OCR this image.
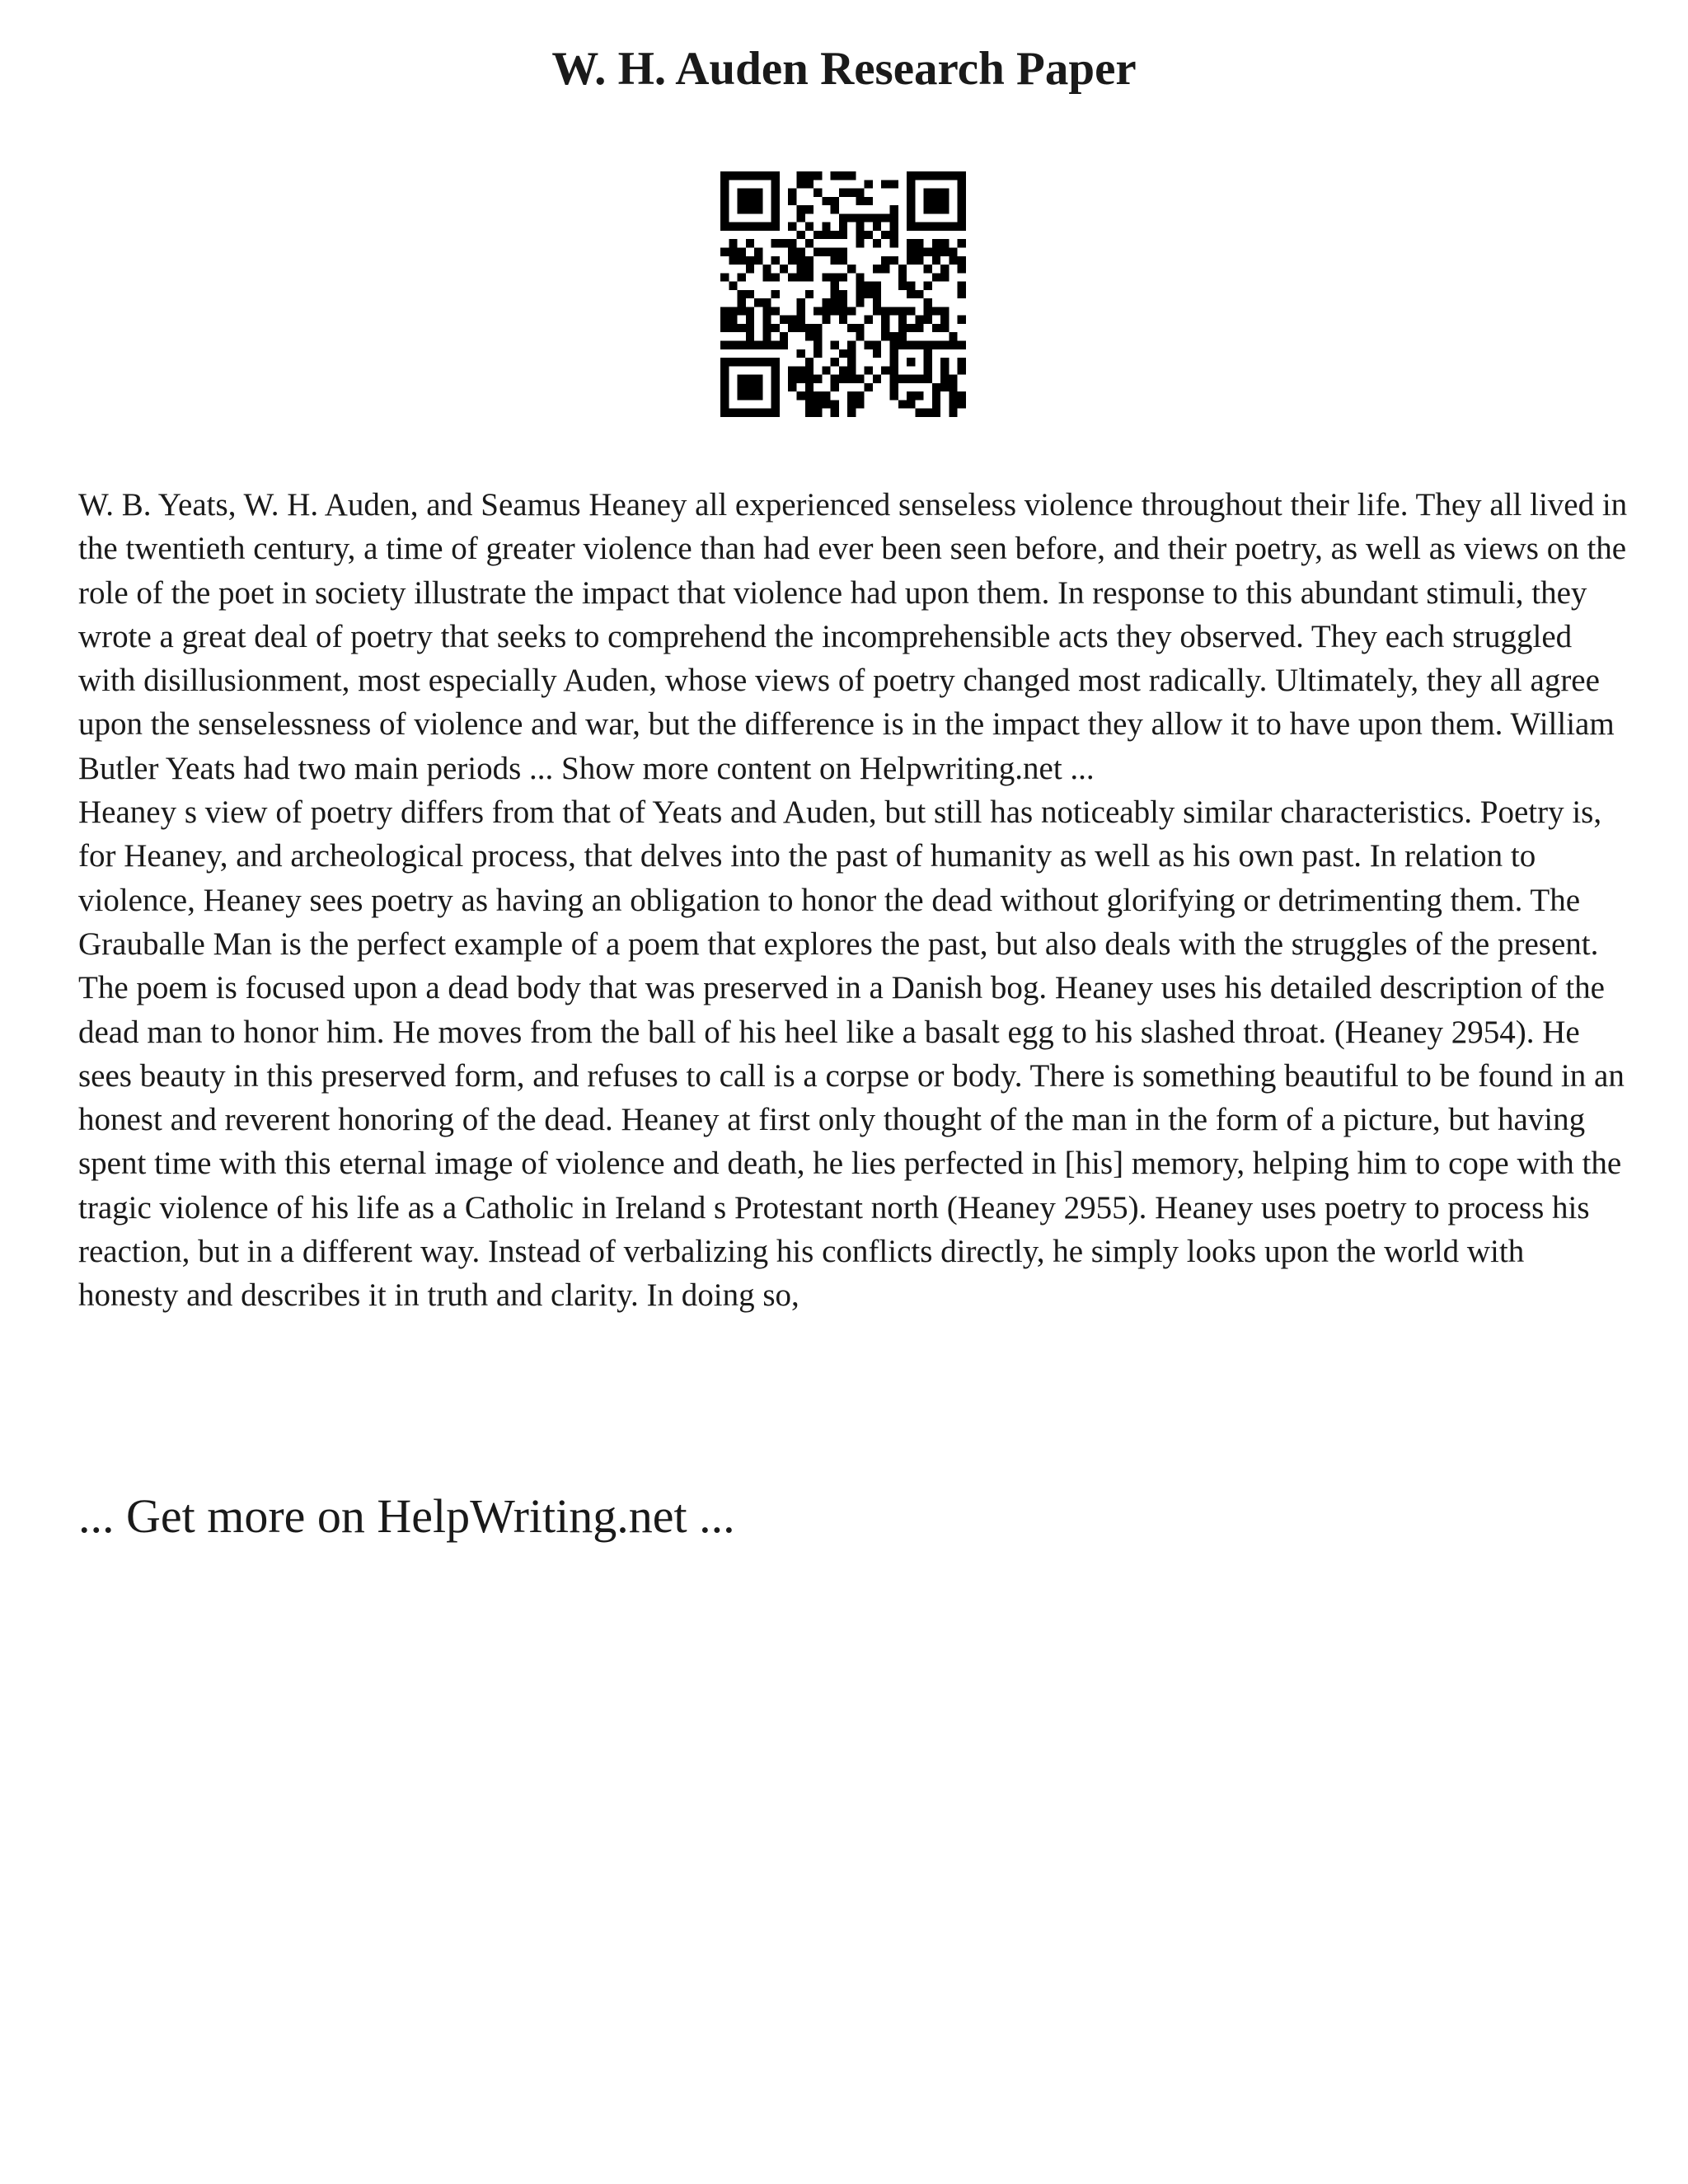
W. H. Auden Research Paper

W. B. Yeats, W. H. Auden, and Seamus Heaney all experienced senseless violence throughout their life. They all lived in the twentieth century, a time of greater violence than had ever been seen before, and their poetry, as well as views on the role of the poet in society illustrate the impact that violence had upon them. In response to this abundant stimuli, they wrote a great deal of poetry that seeks to comprehend the incomprehensible acts they observed. They each struggled with disillusionment, most especially Auden, whose views of poetry changed most radically. Ultimately, they all agree upon the senselessness of violence and war, but the difference is in the impact they allow it to have upon them. William Butler Yeats had two main periods ... Show more content on Helpwriting.net ...

Heaney s view of poetry differs from that of Yeats and Auden, but still has noticeably similar characteristics. Poetry is, for Heaney, and archeological process, that delves into the past of humanity as well as his own past. In relation to violence, Heaney sees poetry as having an obligation to honor the dead without glorifying or detrimenting them. The Grauballe Man is the perfect example of a poem that explores the past, but also deals with the struggles of the present. The poem is focused upon a dead body that was preserved in a Danish bog. Heaney uses his detailed description of the dead man to honor him. He moves from the ball of his heel like a basalt egg to his slashed throat. (Heaney 2954). He sees beauty in this preserved form, and refuses to call is a corpse or body. There is something beautiful to be found in an honest and reverent honoring of the dead. Heaney at first only thought of the man in the form of a picture, but having spent time with this eternal image of violence and death, he lies perfected in [his] memory, helping him to cope with the tragic violence of his life as a Catholic in Ireland s Protestant north (Heaney 2955). Heaney uses poetry to process his reaction, but in a different way. Instead of verbalizing his conflicts directly, he simply looks upon the world with honesty and describes it in truth and clarity. In doing so,

... Get more on HelpWriting.net ...
